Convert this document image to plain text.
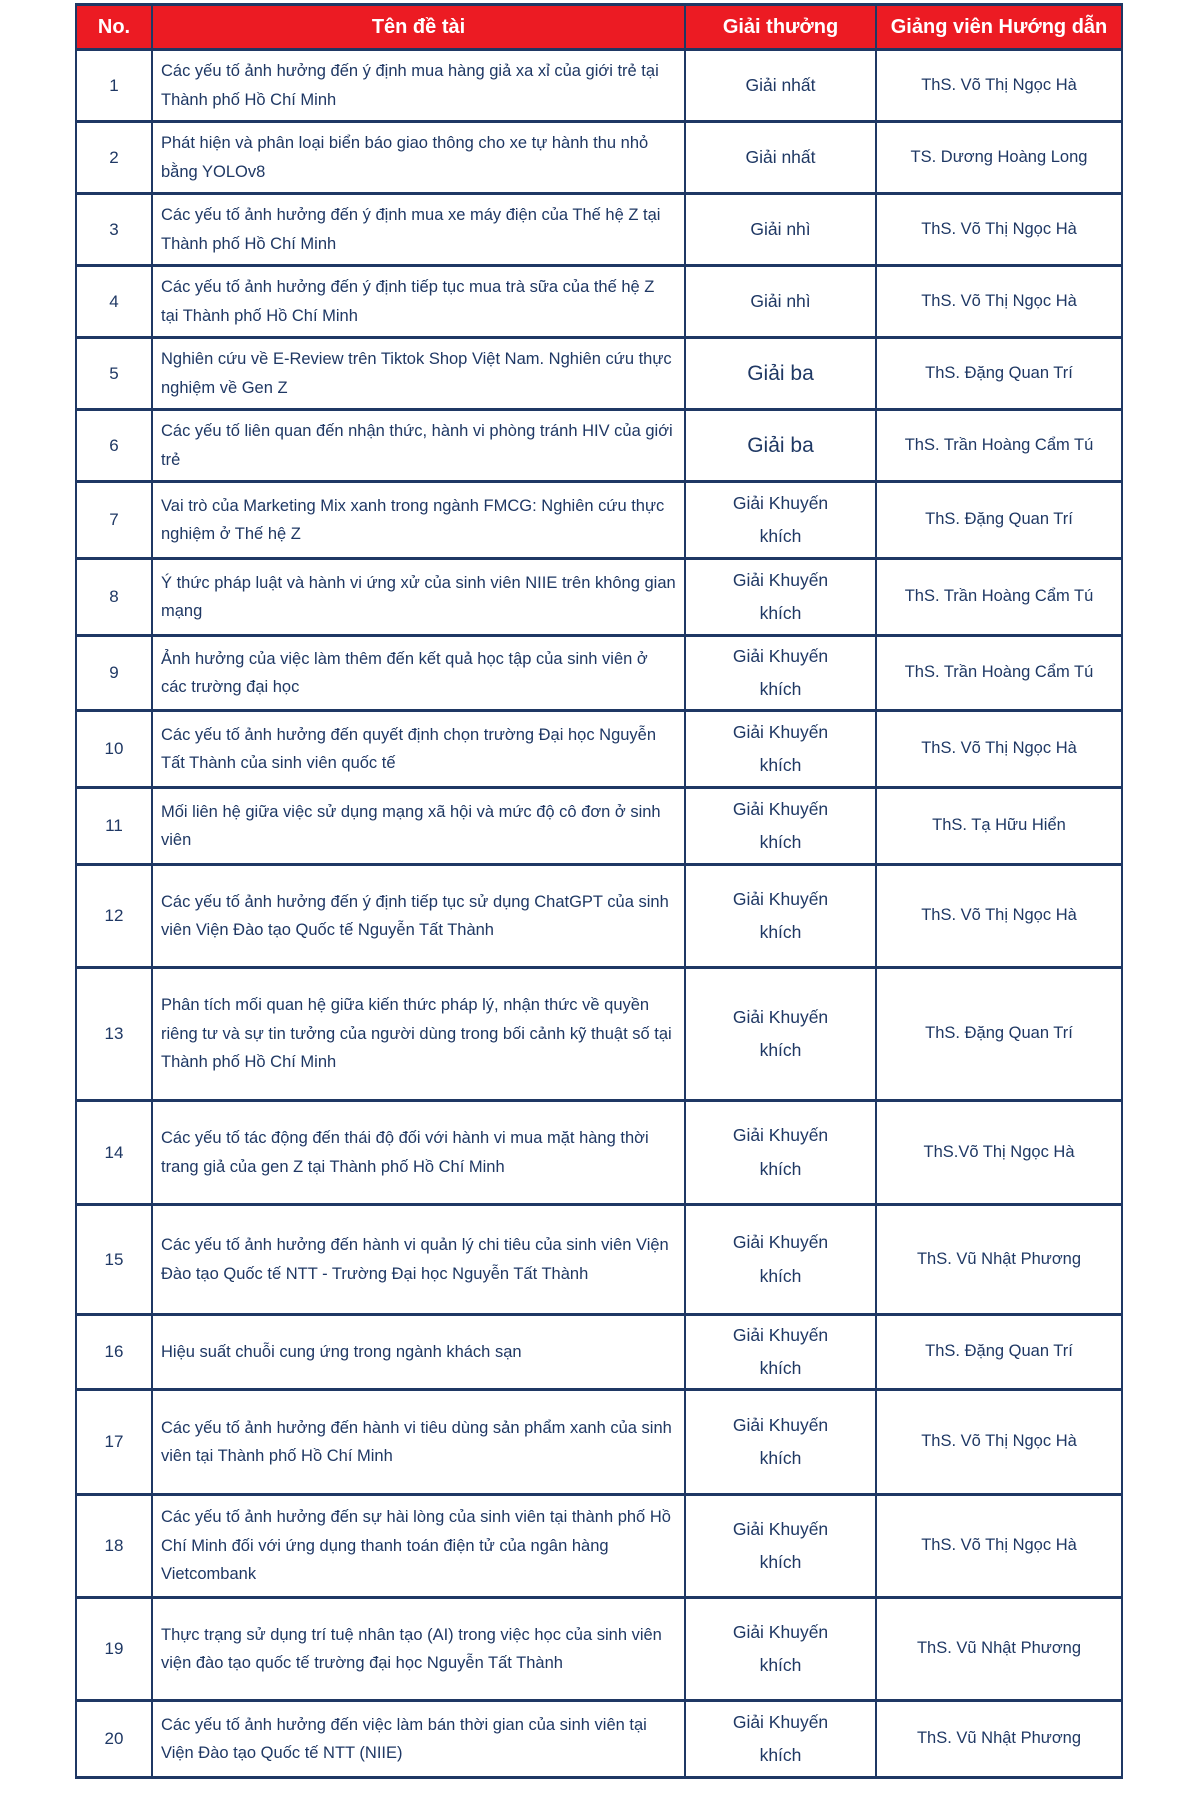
No.	Tên đề tài	Giải thưởng	Giảng viên Hướng dẫn
1	Các yếu tố ảnh hưởng đến ý định mua hàng giả xa xỉ của giới trẻ tại Thành phố Hồ Chí Minh	Giải nhất	ThS. Võ Thị Ngọc Hà
2	Phát hiện và phân loại biển báo giao thông cho xe tự hành thu nhỏ bằng YOLOv8	Giải nhất	TS. Dương Hoàng Long
3	Các yếu tố ảnh hưởng đến ý định mua xe máy điện của Thế hệ Z tại Thành phố Hồ Chí Minh	Giải nhì	ThS. Võ Thị Ngọc Hà
4	Các yếu tố ảnh hưởng đến ý định tiếp tục mua trà sữa của thế hệ Z tại Thành phố Hồ Chí Minh	Giải nhì	ThS. Võ Thị Ngọc Hà
5	Nghiên cứu về E-Review trên Tiktok Shop Việt Nam. Nghiên cứu thực nghiệm về Gen Z	Giải ba	ThS. Đặng Quan Trí
6	Các yếu tố liên quan đến nhận thức, hành vi phòng tránh HIV của giới trẻ	Giải ba	ThS. Trần Hoàng Cẩm Tú
7	Vai trò của Marketing Mix xanh trong ngành FMCG: Nghiên cứu thực nghiệm ở Thế hệ Z	Giải Khuyến khích	ThS. Đặng Quan Trí
8	Ý thức pháp luật và hành vi ứng xử của sinh viên NIIE trên không gian mạng	Giải Khuyến khích	ThS. Trần Hoàng Cẩm Tú
9	Ảnh hưởng của việc làm thêm đến kết quả học tập của sinh viên ở các trường đại học	Giải Khuyến khích	ThS. Trần Hoàng Cẩm Tú
10	Các yếu tố ảnh hưởng đến quyết định chọn trường Đại học Nguyễn Tất Thành của sinh viên quốc tế	Giải Khuyến khích	ThS. Võ Thị Ngọc Hà
11	Mối liên hệ giữa việc sử dụng mạng xã hội và mức độ cô đơn ở sinh viên	Giải Khuyến khích	ThS. Tạ Hữu Hiển
12	Các yếu tố ảnh hưởng đến ý định tiếp tục sử dụng ChatGPT của sinh viên Viện Đào tạo Quốc tế Nguyễn Tất Thành	Giải Khuyến khích	ThS. Võ Thị Ngọc Hà
13	Phân tích mối quan hệ giữa kiến thức pháp lý, nhận thức về quyền riêng tư và sự tin tưởng của người dùng trong bối cảnh kỹ thuật số tại Thành phố Hồ Chí Minh	Giải Khuyến khích	ThS. Đặng Quan Trí
14	Các yếu tố tác động đến thái độ đối với hành vi mua mặt hàng thời trang giả của gen Z tại Thành phố Hồ Chí Minh	Giải Khuyến khích	ThS.Võ Thị Ngọc Hà
15	Các yếu tố ảnh hưởng đến hành vi quản lý chi tiêu của sinh viên Viện Đào tạo Quốc tế NTT - Trường Đại học Nguyễn Tất Thành	Giải Khuyến khích	ThS. Vũ Nhật Phương
16	Hiệu suất chuỗi cung ứng trong ngành khách sạn	Giải Khuyến khích	ThS. Đặng Quan Trí
17	Các yếu tố ảnh hưởng đến hành vi tiêu dùng sản phẩm xanh của sinh viên tại Thành phố Hồ Chí Minh	Giải Khuyến khích	ThS. Võ Thị Ngọc Hà
18	Các yếu tố ảnh hưởng đến sự hài lòng của sinh viên tại thành phố Hồ Chí Minh đối với ứng dụng thanh toán điện tử của ngân hàng Vietcombank	Giải Khuyến khích	ThS. Võ Thị Ngọc Hà
19	Thực trạng sử dụng trí tuệ nhân tạo (AI) trong việc học của sinh viên viện đào tạo quốc tế trường đại học Nguyễn Tất Thành	Giải Khuyến khích	ThS. Vũ Nhật Phương
20	Các yếu tố ảnh hưởng đến việc làm bán thời gian của sinh viên tại Viện Đào tạo Quốc tế NTT (NIIE)	Giải Khuyến khích	ThS. Vũ Nhật Phương
